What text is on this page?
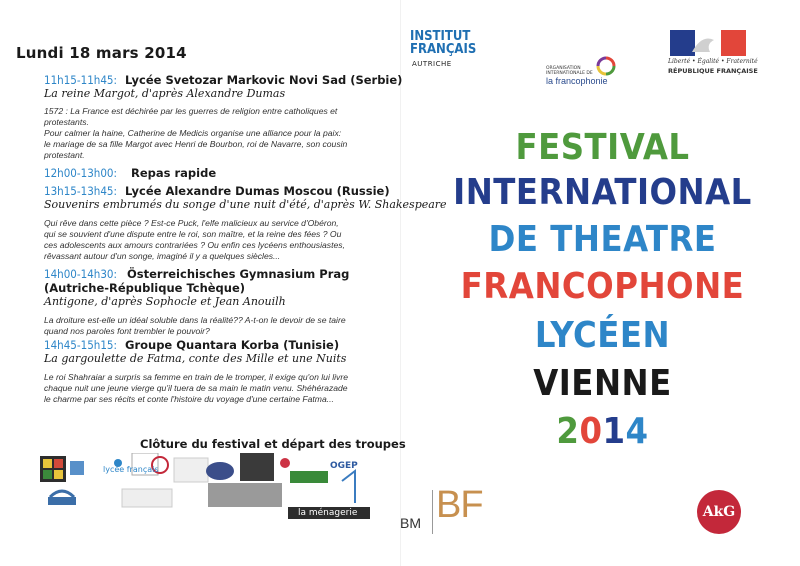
Lundi 18 mars 2014
11h15-11h45: Lycée Svetozar Markovic Novi Sad (Serbie)
La reine Margot, d'après Alexandre Dumas
1572 : La France est déchirée par les guerres de religion entre catholiques et
protestants.
Pour calmer la haine, Catherine de Medicis organise une alliance pour la paix:
le mariage de sa fille Margot avec Henri de Bourbon, roi de Navarre, son cousin
protestant.
12h00-13h00: Repas rapide
13h15-13h45: Lycée Alexandre Dumas Moscou (Russie)
Souvenirs embrumés du songe d'une nuit d'été, d'après W. Shakespeare
Qui rêve dans cette pièce ? Est-ce Puck, l'elfe malicieux au service d'Obéron,
qui se souvient d'une dispute entre le roi, son maître, et la reine des fées ? Ou
ces adolescents aux amours contrariées ? Ou enfin ces lycéens enthousiastes,
rêvassant autour d'un songe, imaginé il y a quelques siècles...
14h00-14h30: Österreichisches Gymnasium Prag
(Autriche-République Tchèque)
Antigone, d'après Sophocle et Jean Anouilh
La droiture est-elle un idéal soluble dans la réalité?? A-t-on le devoir de se taire
quand nos paroles font trembler le pouvoir?
14h45-15h15: Groupe Quantara Korba (Tunisie)
La gargoulette de Fatma, conte des Mille et une Nuits
Le roi Shahraiar a surpris sa femme en train de le tromper, il exige qu'on lui livre
chaque nuit une jeune vierge qu'il tuera de sa main le matin venu. Shéhérazade
le charme par ses récits et conte l'histoire du voyage d'une certaine Fatma...
Clôture du festival et départ des troupes
lycée français	OGEP
la ménagerie
INSTITUT
FRANÇAIS
AUTRICHE
ORGANISATION INTERNATIONALE DE
la francophonie
Liberté • Égalité • Fraternité
RÉPUBLIQUE FRANÇAISE
FESTIVAL
INTERNATIONAL
DE THEATRE
FRANCOPHONE
LYCÉEN
VIENNE
2014
BM BF	AkG
